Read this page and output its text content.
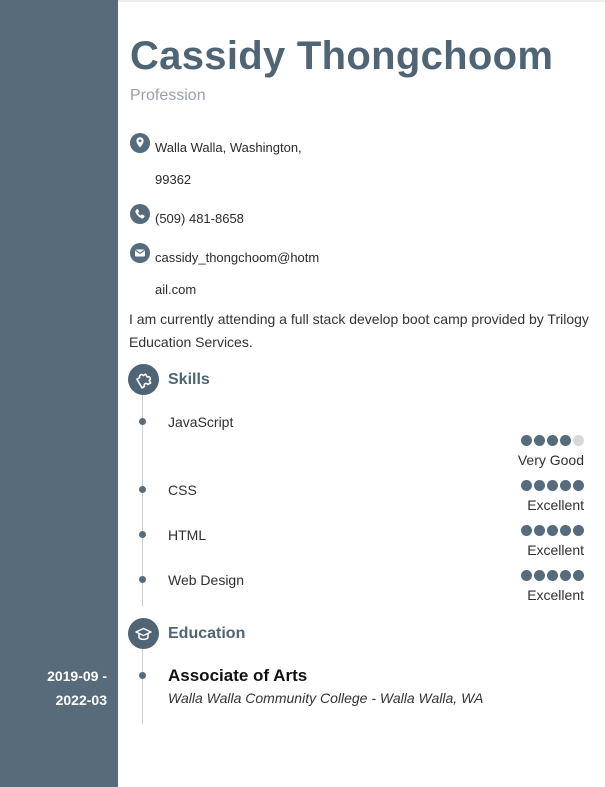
Cassidy Thongchoom
Profession
Walla Walla, Washington,
99362
(509) 481-8658
cassidy_thongchoom@hotm
ail.com

I am currently attending a full stack develop boot camp provided by Trilogy Education Services.

Skills
JavaScript
Very Good
CSS
Excellent
HTML
Excellent
Web Design
Excellent
Education
2019-09 -
2022-03
Associate of Arts
Walla Walla Community College - Walla Walla, WA
